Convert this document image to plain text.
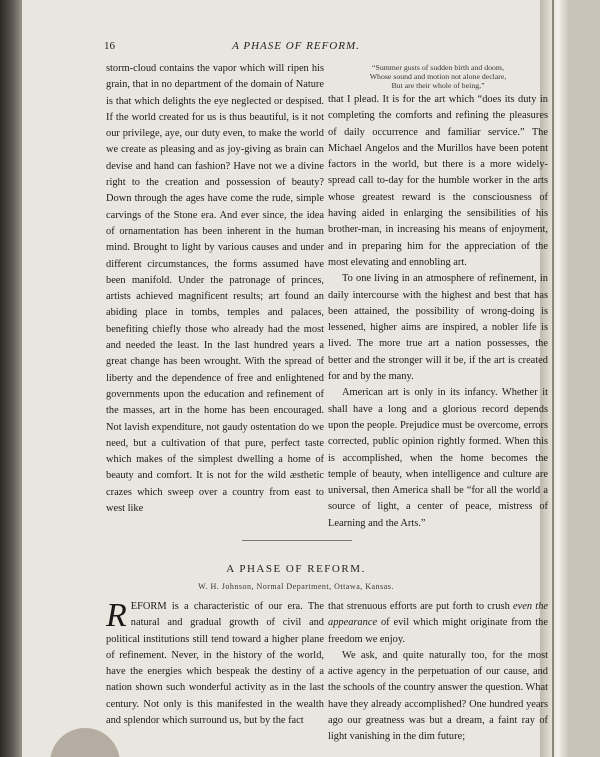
A PHASE OF REFORM.
16

storm-cloud contains the vapor which will ripen his grain, that in no department of the domain of Nature is that which delights the eye neglected or despised. If the world created for us is thus beautiful, is it not our privilege, aye, our duty even, to make the world we create as pleasing and as joy-giving as brain can devise and hand can fashion? Have not we a divine right to the creation and possession of beauty? Down through the ages have come the rude, simple carvings of the Stone era. And ever since, the idea of ornamentation has been inherent in the human mind. Brought to light by various causes and under different circumstances, the forms assumed have been manifold. Under the patronage of princes, artists achieved magnificent results; art found an abiding place in tombs, temples and palaces, benefiting chiefly those who already had the most and needed the least. In the last hundred years a great change has been wrought. With the spread of liberty and the dependence of free and enlightened governments upon the education and refinement of the masses, art in the home has been encouraged. Not lavish expenditure, not gaudy ostentation do we need, but a cultivation of that pure, perfect taste which makes of the simplest dwelling a home of beauty and comfort. It is not for the wild æsthetic crazes which sweep over a country from east to west like

“Summer gusts of sudden birth and doom,
Whose sound and motion not alone declare,
But are their whole of being,”

that I plead. It is for the art which “does its duty in completing the comforts and refining the pleasures of daily occurrence and familiar service.” The Michael Angelos and the Murillos have been potent factors in the world, but there is a more widely-spread call to-day for the humble worker in the arts whose greatest reward is the consciousness of having aided in enlarging the sensibilities of his brother-man, in increasing his means of enjoyment, and in preparing him for the appreciation of the most elevating and ennobling art.

To one living in an atmosphere of refinement, in daily intercourse with the highest and best that has been attained, the possibility of wrong-doing is lessened, higher aims are inspired, a nobler life is lived. The more true art a nation possesses, the better and the stronger will it be, if the art is created for and by the many.

American art is only in its infancy. Whether it shall have a long and a glorious record depends upon the people. Prejudice must be overcome, errors corrected, public opinion rightly formed. When this is accomplished, when the home becomes the temple of beauty, when intelligence and culture are universal, then America shall be “for all the world a source of light, a center of peace, mistress of Learning and the Arts.”

A PHASE OF REFORM.
W. H. Johnson, Normal Department, Ottawa, Kansas.

REFORM is a characteristic of our era. The natural and gradual growth of civil and political institutions still tend toward a higher plane of refinement. Never, in the history of the world, have the energies which bespeak the destiny of a nation shown such wonderful activity as in the last century. Not only is this manifested in the wealth and splendor which surround us, but by the fact

that strenuous efforts are put forth to crush even the appearance of evil which might originate from the freedom we enjoy.

We ask, and quite naturally too, for the most active agency in the perpetuation of our cause, and the schools of the country answer the question. What have they already accomplished? One hundred years ago our greatness was but a dream, a faint ray of light vanishing in the dim future;
